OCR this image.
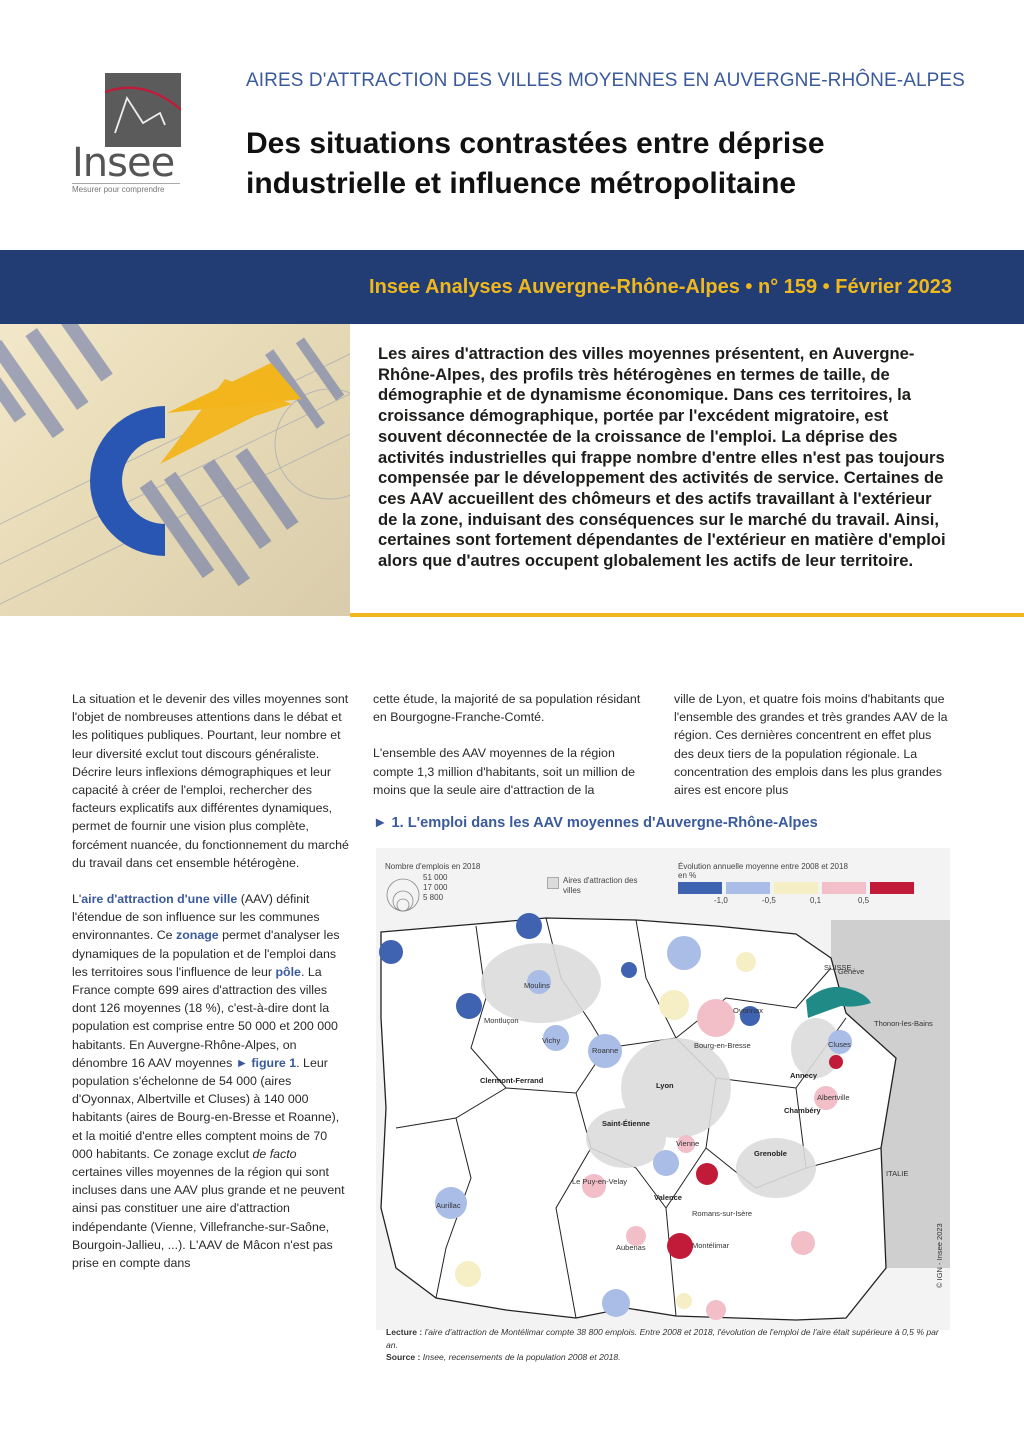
Insee
Mesurer pour comprendre
AIRES D'ATTRACTION DES VILLES MOYENNES EN AUVERGNE-RHÔNE-ALPES
Des situations contrastées entre déprise
industrielle et influence métropolitaine
Insee Analyses Auvergne-Rhône-Alpes • n° 159 • Février 2023
Les aires d'attraction des villes moyennes présentent, en Auvergne-Rhône-Alpes, des profils très hétérogènes en termes de taille, de démographie et de dynamisme économique. Dans ces territoires, la croissance démographique, portée par l'excédent migratoire, est souvent déconnectée de la croissance de l'emploi. La déprise des activités industrielles qui frappe nombre d'entre elles n'est pas toujours compensée par le développement des activités de service. Certaines de ces AAV accueillent des chômeurs et des actifs travaillant à l'extérieur de la zone, induisant des conséquences sur le marché du travail. Ainsi, certaines sont fortement dépendantes de l'extérieur en matière d'emploi alors que d'autres occupent globalement les actifs de leur territoire.

La situation et le devenir des villes moyennes sont l'objet de nombreuses attentions dans le débat et les politiques publiques. Pourtant, leur nombre et leur diversité exclut tout discours généraliste. Décrire leurs inflexions démographiques et leur capacité à créer de l'emploi, rechercher des facteurs explicatifs aux différentes dynamiques, permet de fournir une vision plus complète, forcément nuancée, du fonctionnement du marché du travail dans cet ensemble hétérogène.

L'aire d'attraction d'une ville (AAV) définit l'étendue de son influence sur les communes environnantes. Ce zonage permet d'analyser les dynamiques de la population et de l'emploi dans les territoires sous l'influence de leur pôle. La France compte 699 aires d'attraction des villes dont 126 moyennes (18 %), c'est-à-dire dont la population est comprise entre 50 000 et 200 000 habitants. En Auvergne-Rhône-Alpes, on dénombre 16 AAV moyennes ► figure 1. Leur population s'échelonne de 54 000 (aires d'Oyonnax, Albertville et Cluses) à 140 000 habitants (aires de Bourg-en-Bresse et Roanne), et la moitié d'entre elles comptent moins de 70 000 habitants. Ce zonage exclut de facto certaines villes moyennes de la région qui sont incluses dans une AAV plus grande et ne peuvent ainsi pas constituer une aire d'attraction indépendante (Vienne, Villefranche-sur-Saône, Bourgoin-Jallieu, ...). L'AAV de Mâcon n'est pas prise en compte dans

cette étude, la majorité de sa population résidant en Bourgogne-Franche-Comté.

L'ensemble des AAV moyennes de la région compte 1,3 million d'habitants, soit un million de moins que la seule aire d'attraction de la

ville de Lyon, et quatre fois moins d'habitants que l'ensemble des grandes et très grandes AAV de la région. Ces dernières concentrent en effet plus des deux tiers de la population régionale. La concentration des emplois dans les plus grandes aires est encore plus

► 1. L'emploi dans les AAV moyennes d'Auvergne-Rhône-Alpes
Moulins
Montluçon
Vichy
Roanne
Bourg-en-Bresse
Clermont-Ferrand
Lyon
Oyonnax
Annecy
Cluses
Albertville
Chambéry
Saint-Étienne
Vienne
Valence
Grenoble
Le Puy-en-Velay
Aurillac
Romans-sur-Isère
Aubenas	Montélimar
Thonon-les-Bains
Genève
SUISSE
ITALIE
© IGN - Insee 2023
Nombre d'emplois en 2018
51 000
17 000
5 800
Aires d'attraction des villes
Évolution annuelle moyenne entre 2008 et 2018
en %
-1,0	-0,5	0,1	0,5
Lecture : l'aire d'attraction de Montélimar compte 38 800 emplois. Entre 2008 et 2018, l'évolution de l'emploi de l'aire était supérieure à 0,5 % par an.
Source : Insee, recensements de la population 2008 et 2018.
